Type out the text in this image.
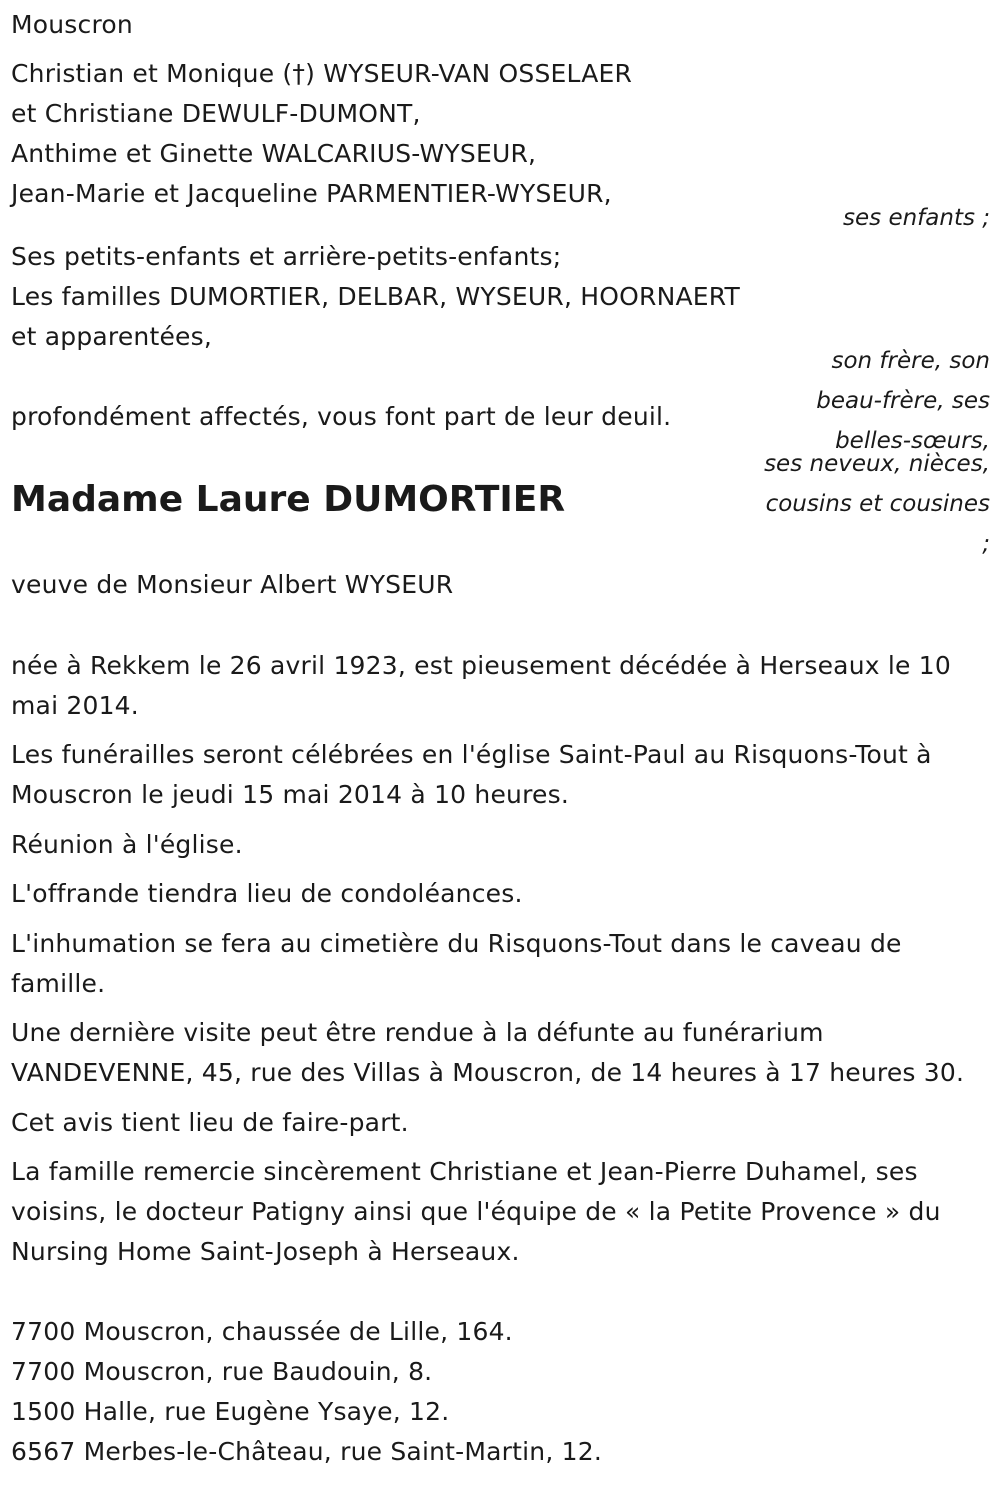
Mouscron
Christian et Monique (†) WYSEUR-VAN OSSELAER
et Christiane DEWULF-DUMONT,
Anthime et Ginette WALCARIUS-WYSEUR,
Jean-Marie et Jacqueline PARMENTIER-WYSEUR,
ses enfants ;
Ses petits-enfants et arrière-petits-enfants;
Les familles DUMORTIER, DELBAR, WYSEUR, HOORNAERT
et apparentées,
son frère, son
beau-frère, ses
belles-sœurs,
ses neveux, nièces,
cousins et cousines
;
profondément affectés, vous font part de leur deuil.
Madame Laure DUMORTIER
veuve de Monsieur Albert WYSEUR
née à Rekkem le 26 avril 1923, est pieusement décédée à Herseaux le 10
mai 2014.
Les funérailles seront célébrées en l'église Saint-Paul au Risquons-Tout à
Mouscron le jeudi 15 mai 2014 à 10 heures.
Réunion à l'église.
L'offrande tiendra lieu de condoléances.
L'inhumation se fera au cimetière du Risquons-Tout dans le caveau de
famille.
Une dernière visite peut être rendue à la défunte au funérarium
VANDEVENNE, 45, rue des Villas à Mouscron, de 14 heures à 17 heures 30.
Cet avis tient lieu de faire-part.
La famille remercie sincèrement Christiane et Jean-Pierre Duhamel, ses
voisins, le docteur Patigny ainsi que l'équipe de « la Petite Provence » du
Nursing Home Saint-Joseph à Herseaux.
7700 Mouscron, chaussée de Lille, 164.
7700 Mouscron, rue Baudouin, 8.
1500 Halle, rue Eugène Ysaye, 12.
6567 Merbes-le-Château, rue Saint-Martin, 12.
